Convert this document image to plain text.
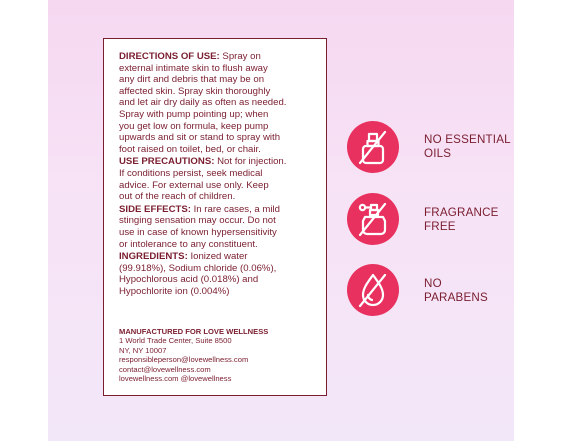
DIRECTIONS OF USE: Spray on
external intimate skin to flush away
any dirt and debris that may be on
affected skin. Spray skin thoroughly
and let air dry daily as often as needed.
Spray with pump pointing up; when
you get low on formula, keep pump
upwards and sit or stand to spray with
foot raised on toilet, bed, or chair.

USE PRECAUTIONS: Not for injection.
If conditions persist, seek medical
advice. For external use only. Keep
out of the reach of children.

SIDE EFFECTS: In rare cases, a mild
stinging sensation may occur. Do not
use in case of known hypersensitivity
or intolerance to any constituent.

INGREDIENTS: Ionized water
(99.918%), Sodium chloride (0.06%),
Hypochlorous acid (0.018%) and
Hypochlorite ion (0.004%)

MANUFACTURED FOR LOVE WELLNESS
1 World Trade Center, Suite 8500
NY, NY 10007
responsibleperson@lovewellness.com
contact@lovewellness.com
lovewellness.com @lovewellness
NO ESSENTIAL
OILS
FRAGRANCE
FREE
NO
PARABENS
